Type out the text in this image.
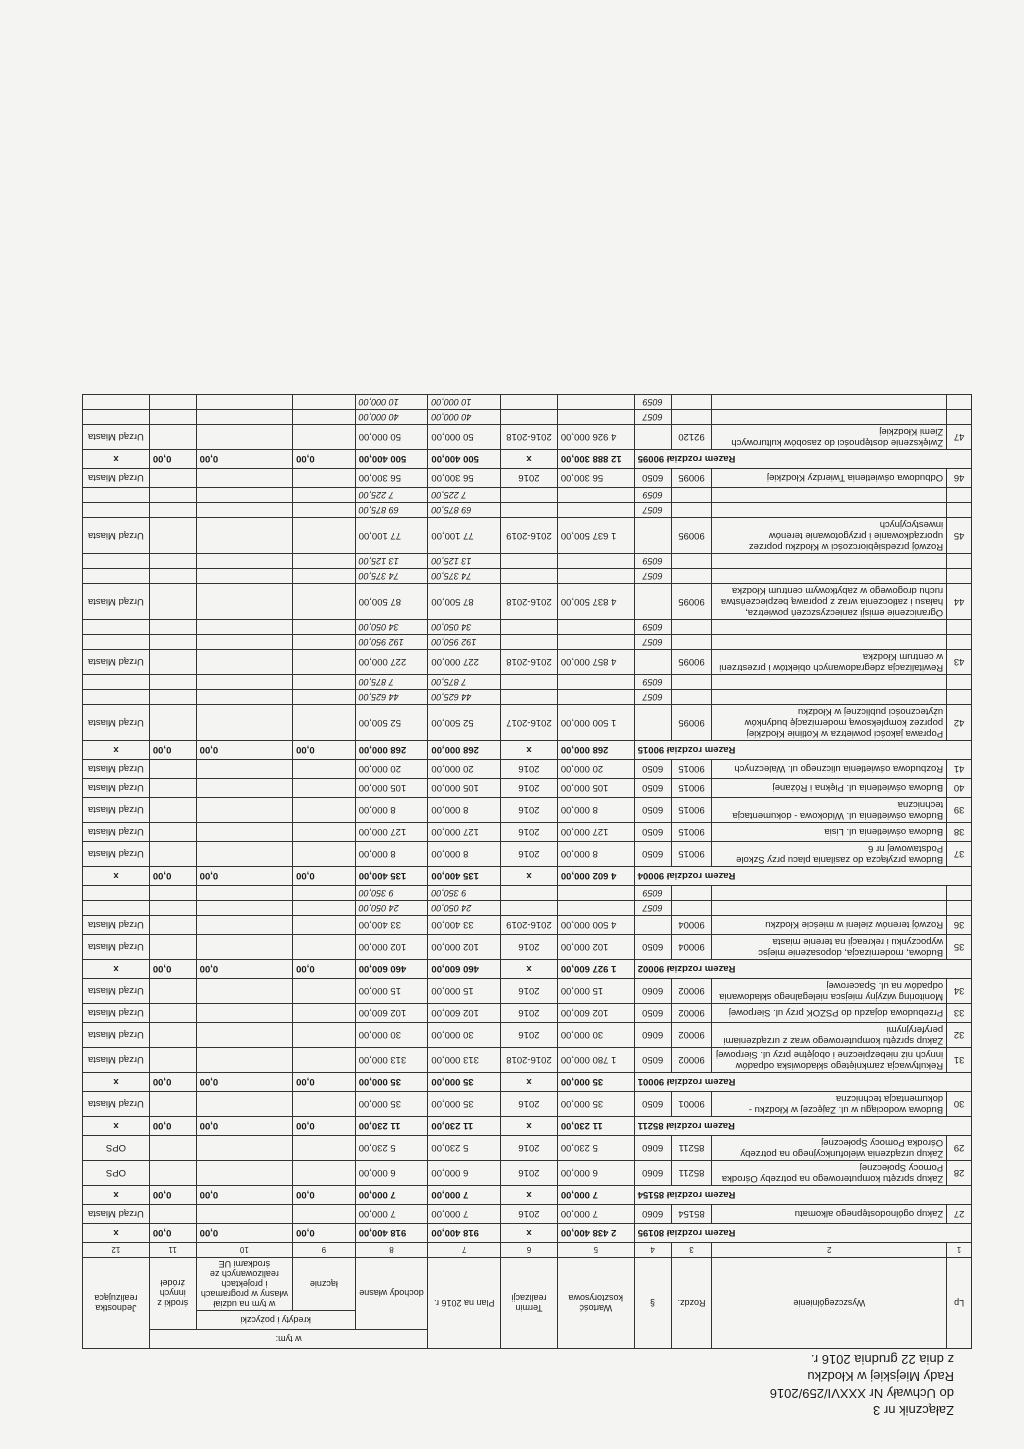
Załącznik nr 3
do Uchwały Nr XXXVI/259/2016
Rady Miejskiej w Kłodzku
z dnia 22 grudnia 2016 r.
Lp	Wyszczególnienie	Rozdz.	§	Wartość kosztorysowa	Termin realizacji	Plan na 2016 r.	w tym:				Jednostka realizująca
							dochody własne	kredyty i pożyczki		środki z innych źródeł	
								łącznie	w tym na udział własny w programach i projektach realizowanych ze środkami UE		
1	2	3	4	5	6	7	8	9	10	11	12
Razem rozdział 80195				2 438 400,00	x	918 400,00	918 400,00	0,00	0,00	0,00	x
27	Zakup ogólnodostępnego alkomatu	85154	6060	7 000,00	2016	7 000,00	7 000,00				Urząd Miasta
Razem rozdział 85154				7 000,00	x	7 000,00	7 000,00	0,00	0,00	0,00	x
28	Zakup sprzętu komputerowego na potrzeby Ośrodka Pomocy Społecznej	85211	6060	6 000,00	2016	6 000,00	6 000,00				OPS
29	Zakup urządzenia wielofunkcyjnego na potrzeby Ośrodka Pomocy Społecznej	85211	6060	5 230,00	2016	5 230,00	5 230,00				OPS
Razem rozdział 85211				11 230,00	x	11 230,00	11 230,00	0,00	0,00	0,00	x
30	Budowa wodociągu w ul. Zajęczej w Kłodzku - dokumentacja techniczna	90001	6050	35 000,00	2016	35 000,00	35 000,00				Urząd Miasta
Razem rozdział 90001				35 000,00	x	35 000,00	35 000,00	0,00	0,00	0,00	x
31	Rekultywacja zamkniętego składowiska odpadów innych niż niebezpieczne i obojętne przy ul. Sierpowej	90002	6050	1 780 000,00	2016-2018	313 000,00	313 000,00				Urząd Miasta
32	Zakup sprzętu komputerowego wraz z urządzeniami peryferyjnymi	90002	6060	30 000,00	2016	30 000,00	30 000,00				Urząd Miasta
33	Przebudowa dojazdu do PSZOK przy ul. Sierpowej	90002	6050	102 600,00	2016	102 600,00	102 600,00				Urząd Miasta
34	Monitoring wizyjny miejsca nielegalnego składowania odpadów na ul. Spacerowej	90002	6060	15 000,00	2016	15 000,00	15 000,00				Urząd Miasta
Razem rozdział 90002				1 927 600,00	x	460 600,00	460 600,00	0,00	0,00	0,00	x
35	Budowa, modernizacja, doposażenie miejsc wypoczynku i rekreacji na terenie miasta	90004	6050	102 000,00	2016	102 000,00	102 000,00				Urząd Miasta
36	Rozwój terenów zieleni w mieście Kłodzku	90004		4 500 000,00	2016-2019	33 400,00	33 400,00				Urząd Miasta
			6057			24 050,00	24 050,00				
			6059			9 350,00	9 350,00				
Razem rozdział 90004				4 602 000,00	x	135 400,00	135 400,00	0,00	0,00	0,00	x
37	Budowa przyłącza do zasilania placu przy Szkole Podstawowej nr 6	90015	6050	8 000,00	2016	8 000,00	8 000,00				Urząd Miasta
38	Budowa oświetlenia ul. Lisia	90015	6050	127 000,00	2016	127 000,00	127 000,00				Urząd Miasta
39	Budowa oświetlenia ul. Widokowa - dokumentacja techniczna	90015	6050	8 000,00	2016	8 000,00	8 000,00				Urząd Miasta
40	Budowa oświetlenia ul. Piękna i Różanej	90015	6050	105 000,00	2016	105 000,00	105 000,00				Urząd Miasta
41	Rozbudowa oświetlenia ulicznego ul. Walecznych	90015	6050	20 000,00	2016	20 000,00	20 000,00				Urząd Miasta
Razem rozdział 90015				268 000,00	x	268 000,00	268 000,00	0,00	0,00	0,00	x
42	Poprawa jakości powietrza w Kotlinie Kłodzkiej poprzez kompleksową modernizację budynków użyteczności publicznej w Kłodzku	90095		1 500 000,00	2016-2017	52 500,00	52 500,00				Urząd Miasta
			6057			44 625,00	44 625,00				
			6059			7 875,00	7 875,00				
43	Rewitalizacja zdegradowanych obiektów i przestrzeni w centrum Kłodzka	90095		4 857 000,00	2016-2018	227 000,00	227 000,00				Urząd Miasta
			6057			192 950,00	192 950,00				
			6059			34 050,00	34 050,00				
44	Ograniczenie emisji zanieczyszczeń powietrza, hałasu i zatłoczenia wraz z poprawą bezpieczeństwa ruchu drogowego w zabytkowym centrum Kłodzka	90095		4 837 500,00	2016-2018	87 500,00	87 500,00				Urząd Miasta
			6057			74 375,00	74 375,00				
			6059			13 125,00	13 125,00				
45	Rozwój przedsiębiorczości w Kłodzku poprzez uporządkowanie i przygotowanie terenów inwestycyjnych	90095		1 637 500,00	2016-2019	77 100,00	77 100,00				Urząd Miasta
			6057			69 875,00	69 875,00				
			6059			7 225,00	7 225,00				
46	Odbudowa oświetlenia Twierdzy Kłodzkiej	90095	6050	56 300,00	2016	56 300,00	56 300,00				Urząd Miasta
Razem rozdział 90095				12 888 300,00	x	500 400,00	500 400,00	0,00	0,00	0,00	x
47	Zwiększenie dostępności do zasobów kulturowych Ziemi Kłodzkiej	92120		4 926 000,00	2016-2018	50 000,00	50 000,00				Urząd Miasta
			6057			40 000,00	40 000,00				
			6059			10 000,00	10 000,00				
